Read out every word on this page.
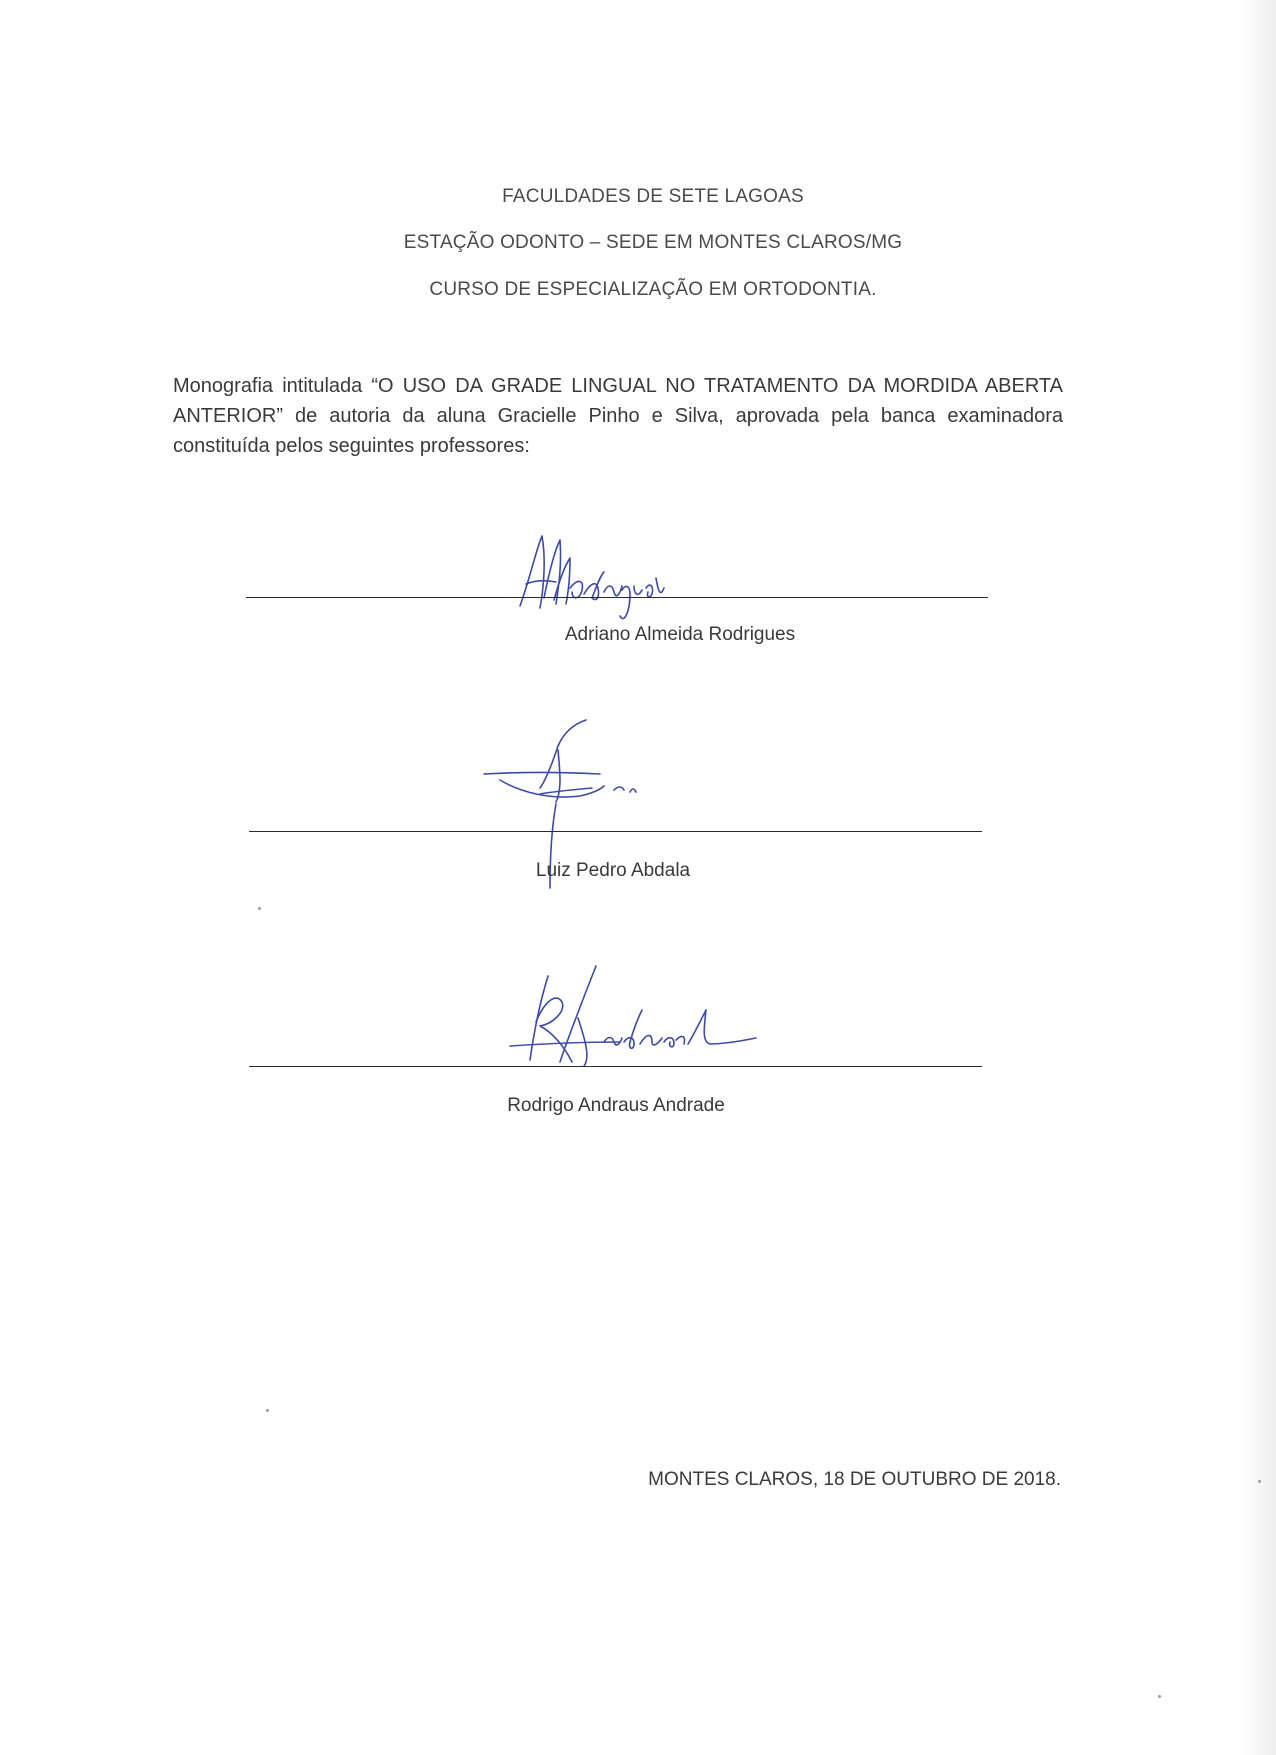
FACULDADES DE SETE LAGOAS
ESTAÇÃO ODONTO – SEDE EM MONTES CLAROS/MG
CURSO DE ESPECIALIZAÇÃO EM ORTODONTIA.
Monografia intitulada “O USO DA GRADE LINGUAL NO TRATAMENTO DA MORDIDA ABERTA ANTERIOR” de autoria da aluna Gracielle Pinho e Silva, aprovada pela banca examinadora constituída pelos seguintes professores:
Adriano Almeida Rodrigues
Luiz Pedro Abdala
Rodrigo Andraus Andrade
MONTES CLAROS, 18 DE OUTUBRO DE 2018.
